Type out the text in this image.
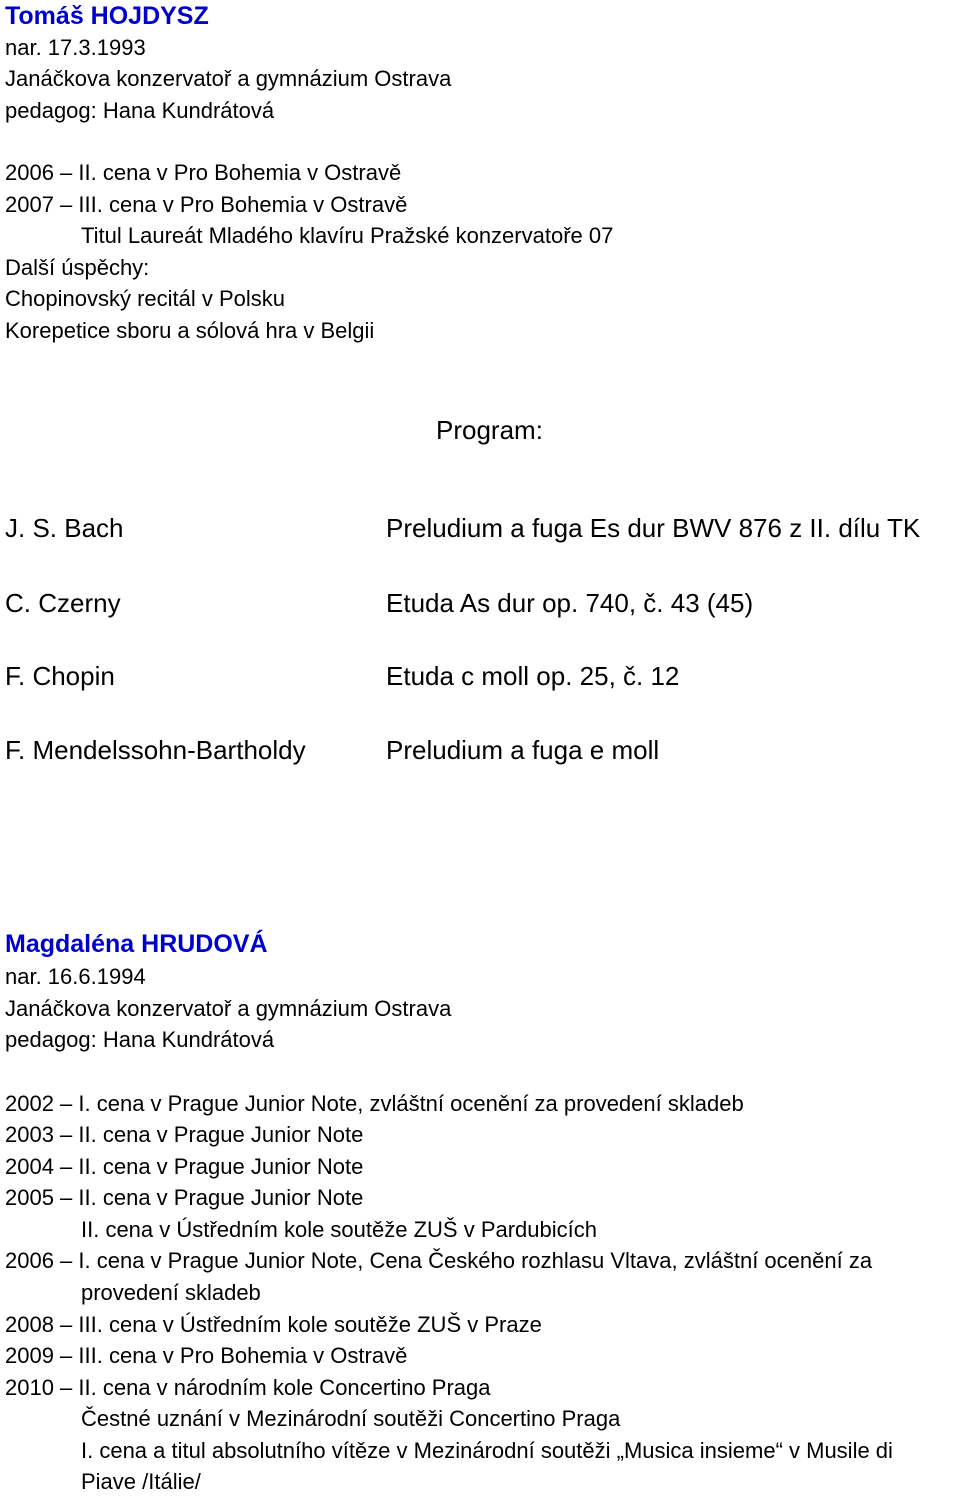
Tomáš HOJDYSZ
nar. 17.3.1993
Janáčkova konzervatoř a gymnázium Ostrava
pedagog: Hana Kundrátová
2006 – II. cena v Pro Bohemia v Ostravě
2007 – III. cena v Pro Bohemia v Ostravě
Titul Laureát Mladého klavíru Pražské konzervatoře 07
Další úspěchy:
Chopinovský recitál v Polsku
Korepetice sboru a sólová hra v Belgii
Program:
J. S. Bach	Preludium a fuga Es dur BWV 876 z II. dílu TK
C. Czerny	Etuda As dur op. 740, č. 43 (45)
F. Chopin	Etuda c moll op. 25, č. 12
F. Mendelssohn-Bartholdy	Preludium a fuga e moll
Magdaléna HRUDOVÁ
nar. 16.6.1994
Janáčkova konzervatoř a gymnázium Ostrava
pedagog: Hana Kundrátová
2002 – I. cena v Prague Junior Note, zvláštní ocenění za provedení skladeb
2003 – II. cena v Prague Junior Note
2004 – II. cena v Prague Junior Note
2005 – II. cena v Prague Junior Note
II. cena v Ústředním kole soutěže ZUŠ v Pardubicích
2006 – I. cena v Prague Junior Note, Cena Českého rozhlasu Vltava, zvláštní ocenění za
provedení skladeb
2008 – III. cena v Ústředním kole soutěže ZUŠ v Praze
2009 – III. cena v Pro Bohemia v Ostravě
2010 – II. cena v národním kole Concertino Praga
Čestné uznání v Mezinárodní soutěži Concertino Praga
I. cena a titul absolutního vítěze v Mezinárodní soutěži „Musica insieme“ v Musile di
Piave /Itálie/
